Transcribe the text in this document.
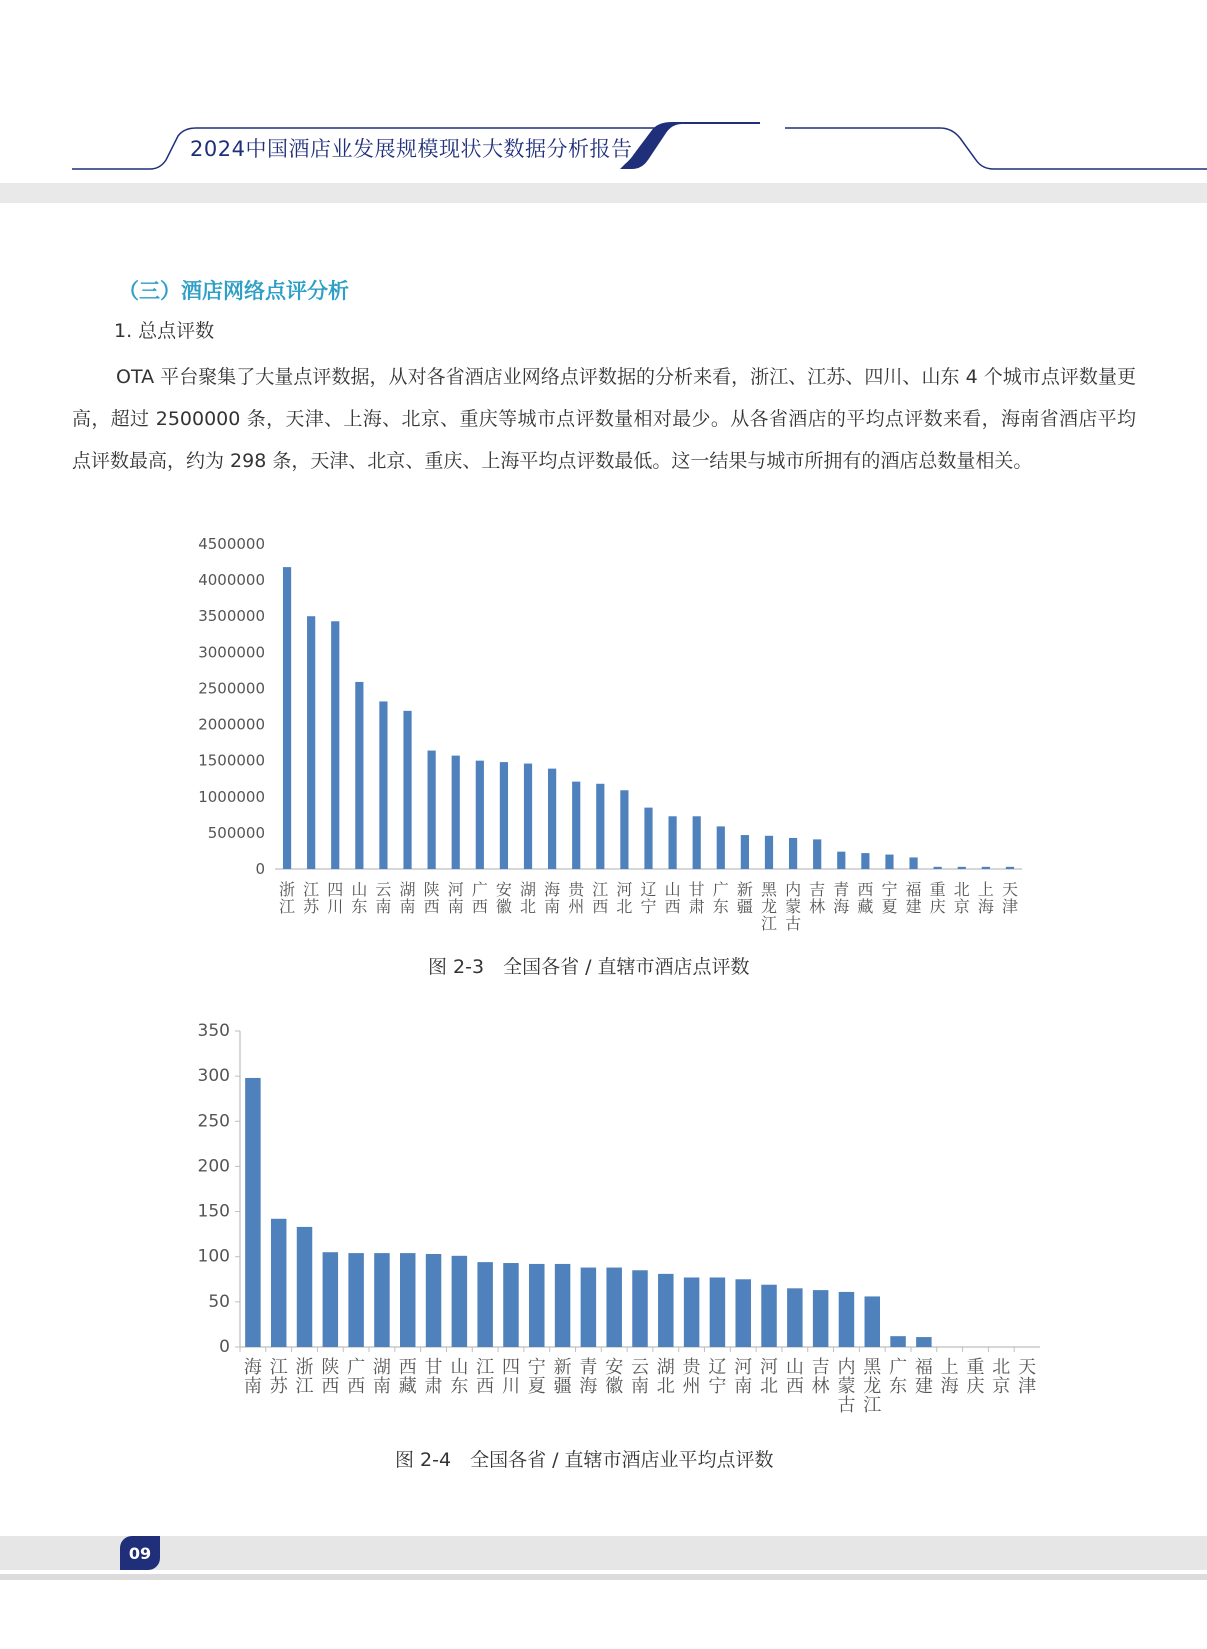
2024中国酒店业发展规模现状大数据分析报告
（三）酒店网络点评分析
1. 总点评数

OTA 平台聚集了大量点评数据，从对各省酒店业网络点评数据的分析来看，浙江、江苏、四川、山东 4 个城市点评数量更高，超过 2500000 条，天津、上海、北京、重庆等城市点评数量相对最少。从各省酒店的平均点评数来看，海南省酒店平均点评数最高，约为 298 条，天津、北京、重庆、上海平均点评数最低。这一结果与城市所拥有的酒店总数量相关。

0
500000
1000000
1500000
2000000
2500000
3000000
3500000
4000000
4500000
浙江
江苏
四川
山东
云南
湖南
陕西
河南
广西
安徽
湖北
海南
贵州
江西
河北
辽宁
山西
甘肃
广东
新疆
黑龙江
内蒙古
吉林
青海
西藏
宁夏
福建
重庆
北京
上海
天津
图 2-3　全国各省 / 直辖市酒店点评数
0
50
100
150
200
250
300
350
海南
江苏
浙江
陕西
广西
湖南
西藏
甘肃
山东
江西
四川
宁夏
新疆
青海
安徽
云南
湖北
贵州
辽宁
河南
河北
山西
吉林
内蒙古
黑龙江
广东
福建
上海
重庆
北京
天津
图 2-4　全国各省 / 直辖市酒店业平均点评数
09
